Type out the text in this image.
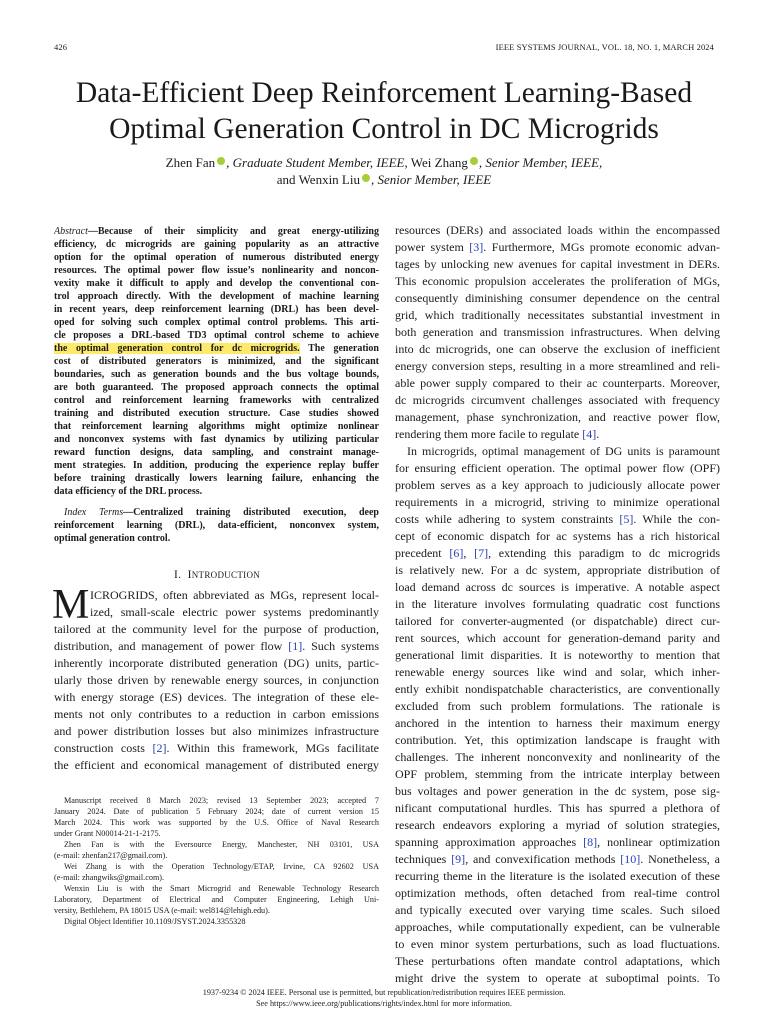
426	IEEE SYSTEMS JOURNAL, VOL. 18, NO. 1, MARCH 2024
Data-Efficient Deep Reinforcement Learning-Based
Optimal Generation Control in DC Microgrids
Zhen Fan , Graduate Student Member, IEEE, Wei Zhang , Senior Member, IEEE,
and Wenxin Liu , Senior Member, IEEE
Abstract—Because of their simplicity and great energy-utilizing
efficiency, dc microgrids are gaining popularity as an attractive
option for the optimal operation of numerous distributed energy
resources. The optimal power flow issue’s nonlinearity and noncon-
vexity make it difficult to apply and develop the conventional con-
trol approach directly. With the development of machine learning
in recent years, deep reinforcement learning (DRL) has been devel-
oped for solving such complex optimal control problems. This arti-
cle proposes a DRL-based TD3 optimal control scheme to achieve
the optimal generation control for dc microgrids. The generation
cost of distributed generators is minimized, and the significant
boundaries, such as generation bounds and the bus voltage bounds,
are both guaranteed. The proposed approach connects the optimal
control and reinforcement learning frameworks with centralized
training and distributed execution structure. Case studies showed
that reinforcement learning algorithms might optimize nonlinear
and nonconvex systems with fast dynamics by utilizing particular
reward function designs, data sampling, and constraint manage-
ment strategies. In addition, producing the experience replay buffer
before training drastically lowers learning failure, enhancing the
data efficiency of the DRL process.
Index Terms—Centralized training distributed execution, deep
reinforcement learning (DRL), data-efficient, nonconvex system,
optimal generation control.
I. INTRODUCTION
M ICROGRIDS, often abbreviated as MGs, represent local-
ized, small-scale electric power systems predominantly
tailored at the community level for the purpose of production,
distribution, and management of power flow [1]. Such systems
inherently incorporate distributed generation (DG) units, partic-
ularly those driven by renewable energy sources, in conjunction
with energy storage (ES) devices. The integration of these ele-
ments not only contributes to a reduction in carbon emissions
and power distribution losses but also minimizes infrastructure
construction costs [2]. Within this framework, MGs facilitate
the efficient and economical management of distributed energy
Manuscript received 8 March 2023; revised 13 September 2023; accepted 7
January 2024. Date of publication 5 February 2024; date of current version 15
March 2024. This work was supported by the U.S. Office of Naval Research
under Grant N00014-21-1-2175.
Zhen Fan is with the Eversource Energy, Manchester, NH 03101, USA
(e-mail: zhenfan217@gmail.com).
Wei Zhang is with the Operation Technology/ETAP, Irvine, CA 92602 USA
(e-mail: zhangwiks@gmail.com).
Wenxin Liu is with the Smart Microgrid and Renewable Technology Research
Laboratory, Department of Electrical and Computer Engineering, Lehigh Uni-
versity, Bethlehem, PA 18015 USA (e-mail: wel814@lehigh.edu).
Digital Object Identifier 10.1109/JSYST.2024.3355328
resources (DERs) and associated loads within the encompassed
power system [3]. Furthermore, MGs promote economic advan-
tages by unlocking new avenues for capital investment in DERs.
This economic propulsion accelerates the proliferation of MGs,
consequently diminishing consumer dependence on the central
grid, which traditionally necessitates substantial investment in
both generation and transmission infrastructures. When delving
into dc microgrids, one can observe the exclusion of inefficient
energy conversion steps, resulting in a more streamlined and reli-
able power supply compared to their ac counterparts. Moreover,
dc microgrids circumvent challenges associated with frequency
management, phase synchronization, and reactive power flow,
rendering them more facile to regulate [4].
In microgrids, optimal management of DG units is paramount
for ensuring efficient operation. The optimal power flow (OPF)
problem serves as a key approach to judiciously allocate power
requirements in a microgrid, striving to minimize operational
costs while adhering to system constraints [5]. While the con-
cept of economic dispatch for ac systems has a rich historical
precedent [6], [7], extending this paradigm to dc microgrids
is relatively new. For a dc system, appropriate distribution of
load demand across dc sources is imperative. A notable aspect
in the literature involves formulating quadratic cost functions
tailored for converter-augmented (or dispatchable) direct cur-
rent sources, which account for generation-demand parity and
generational limit disparities. It is noteworthy to mention that
renewable energy sources like wind and solar, which inher-
ently exhibit nondispatchable characteristics, are conventionally
excluded from such problem formulations. The rationale is
anchored in the intention to harness their maximum energy
contribution. Yet, this optimization landscape is fraught with
challenges. The inherent nonconvexity and nonlinearity of the
OPF problem, stemming from the intricate interplay between
bus voltages and power generation in the dc system, pose sig-
nificant computational hurdles. This has spurred a plethora of
research endeavors exploring a myriad of solution strategies,
spanning approximation approaches [8], nonlinear optimization
techniques [9], and convexification methods [10]. Nonetheless, a
recurring theme in the literature is the isolated execution of these
optimization methods, often detached from real-time control
and typically executed over varying time scales. Such siloed
approaches, while computationally expedient, can be vulnerable
to even minor system perturbations, such as load fluctuations.
These perturbations often mandate control adaptations, which
might drive the system to operate at suboptimal points. To
1937-9234 © 2024 IEEE. Personal use is permitted, but republication/redistribution requires IEEE permission.
See https://www.ieee.org/publications/rights/index.html for more information.
